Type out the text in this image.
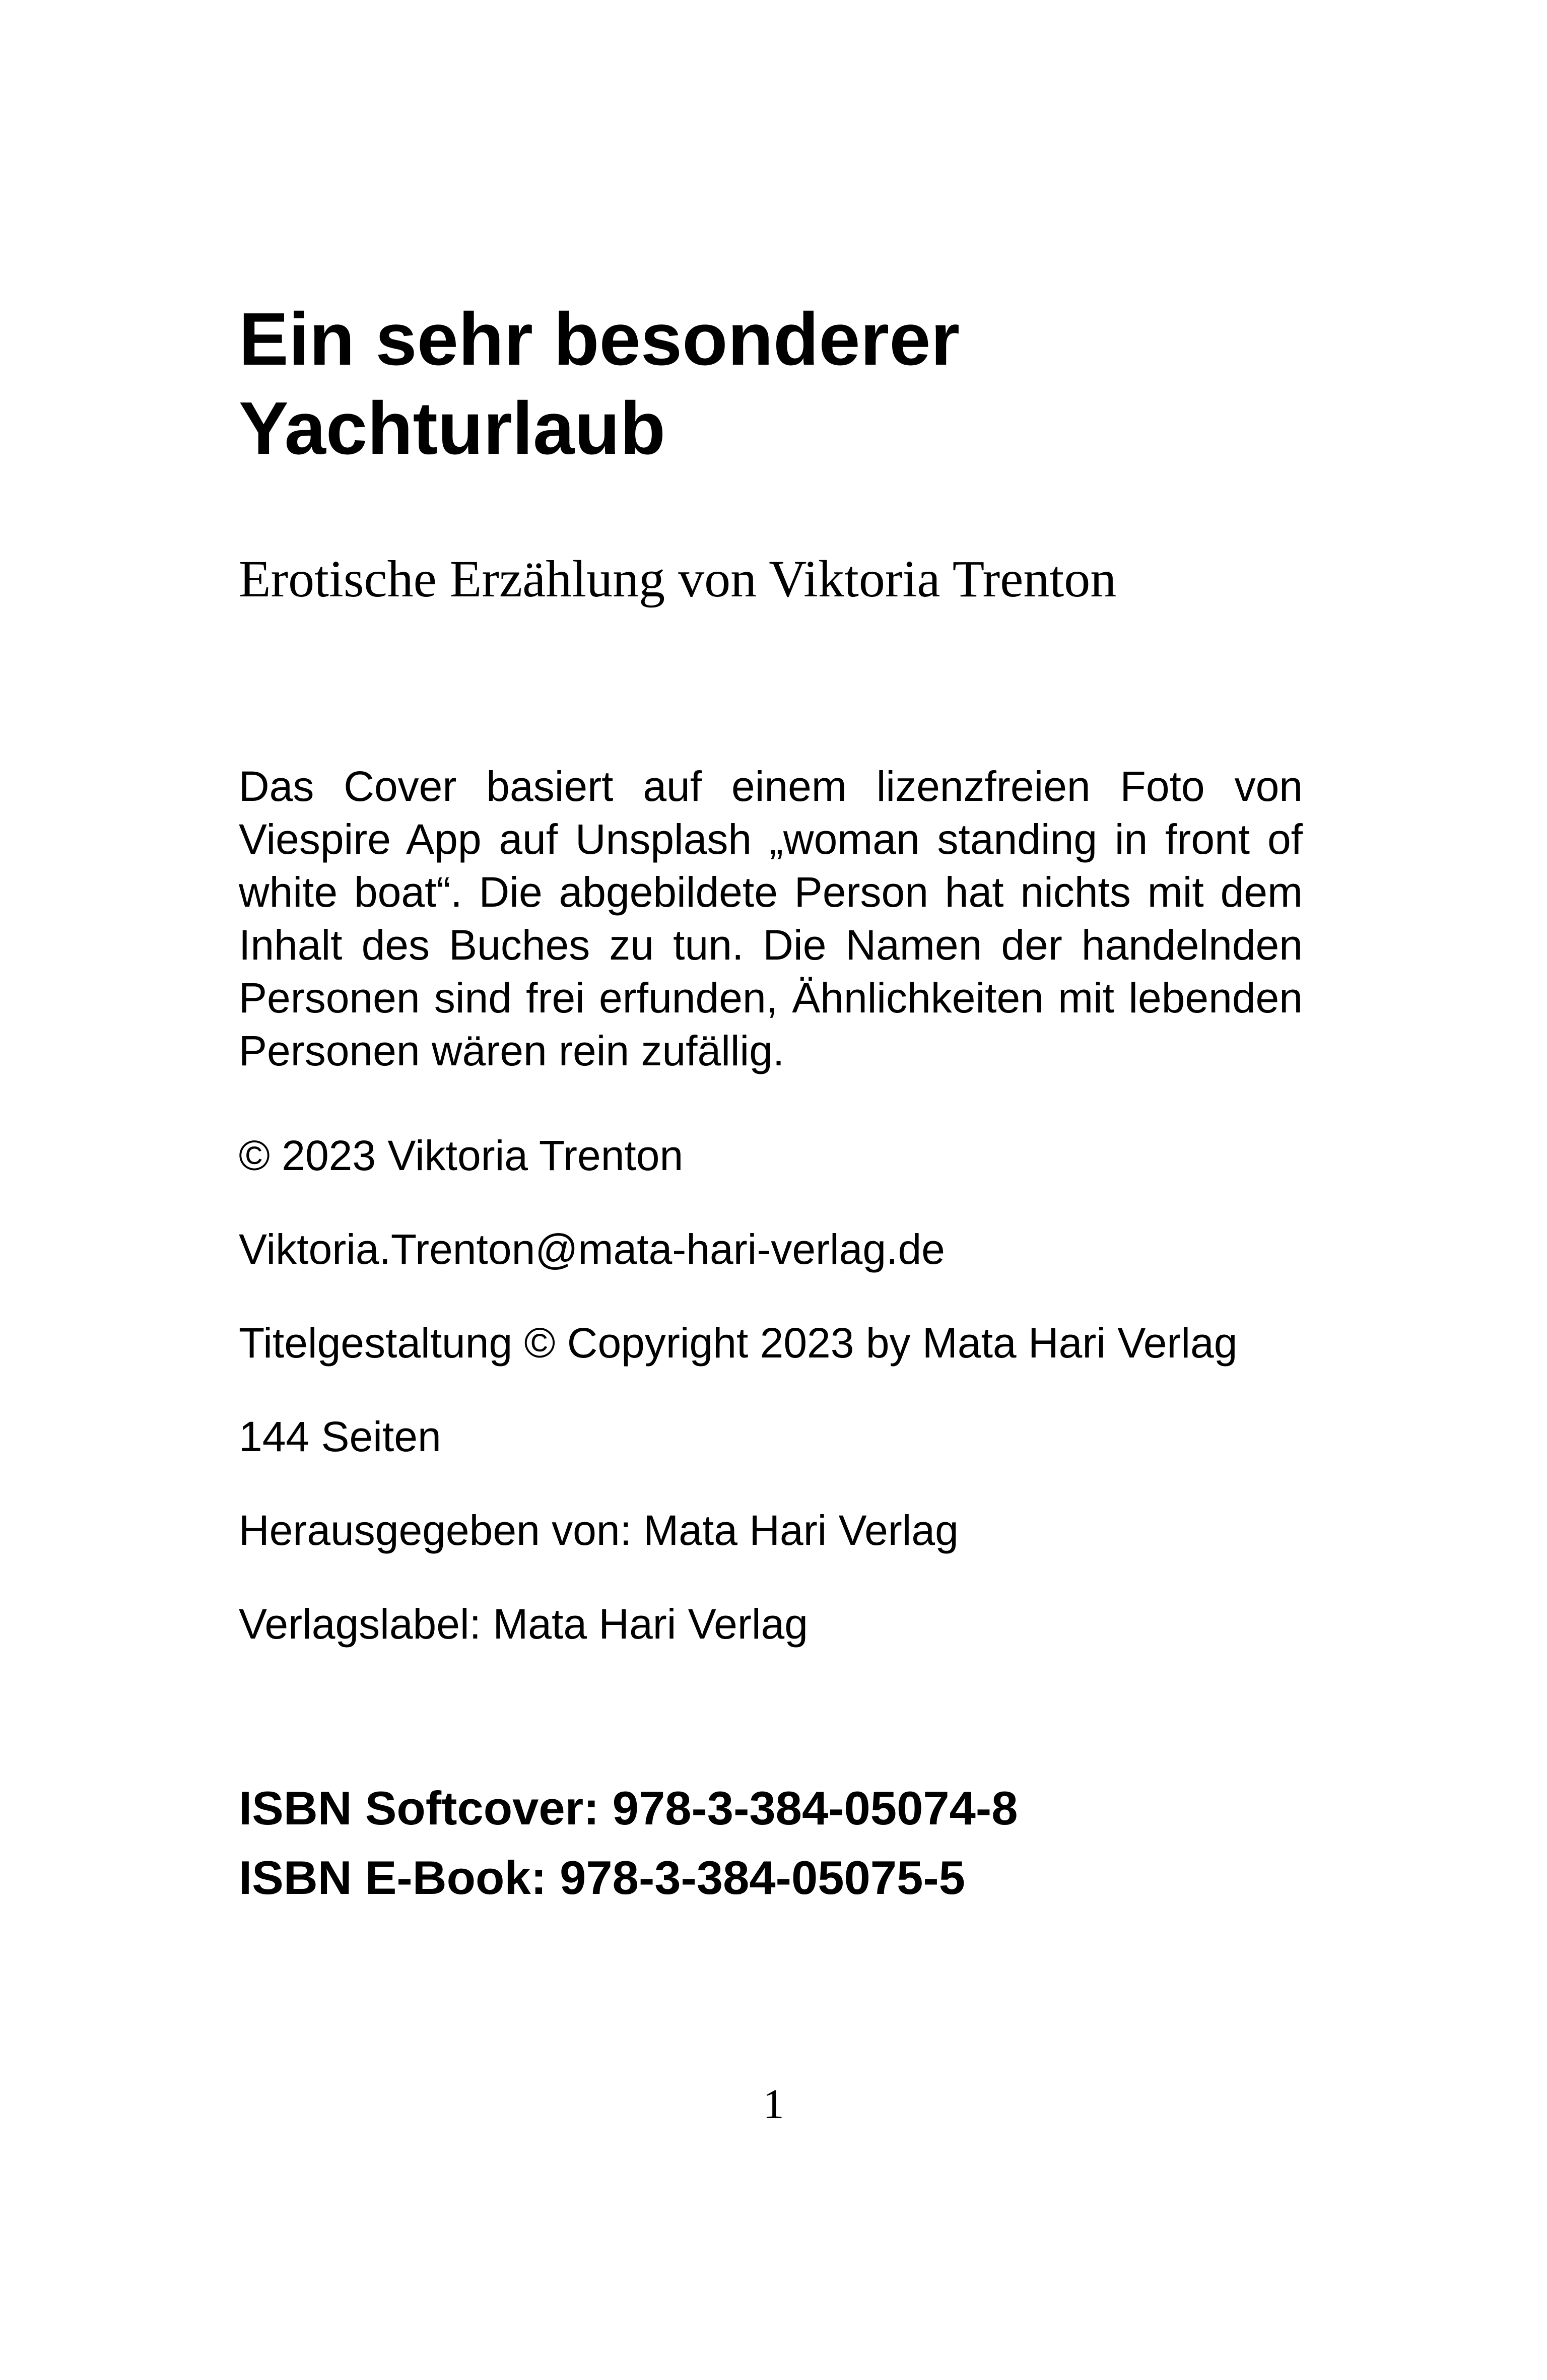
Ein sehr besonderer
Yachturlaub

Erotische Erzählung von Viktoria Trenton

Das Cover basiert auf einem lizenzfreien Foto von Viespire App auf Unsplash „woman standing in front of white boat“. Die abgebildete Person hat nichts mit dem Inhalt des Buches zu tun. Die Namen der handelnden Personen sind frei erfunden, Ähnlichkeiten mit lebenden Personen wären rein zufällig.

© 2023 Viktoria Trenton

Viktoria.Trenton@mata-hari-verlag.de

Titelgestaltung © Copyright 2023 by Mata Hari Verlag

144 Seiten

Herausgegeben von: Mata Hari Verlag

Verlagslabel: Mata Hari Verlag

ISBN Softcover: 978-3-384-05074-8

ISBN E-Book: 978-3-384-05075-5

1
